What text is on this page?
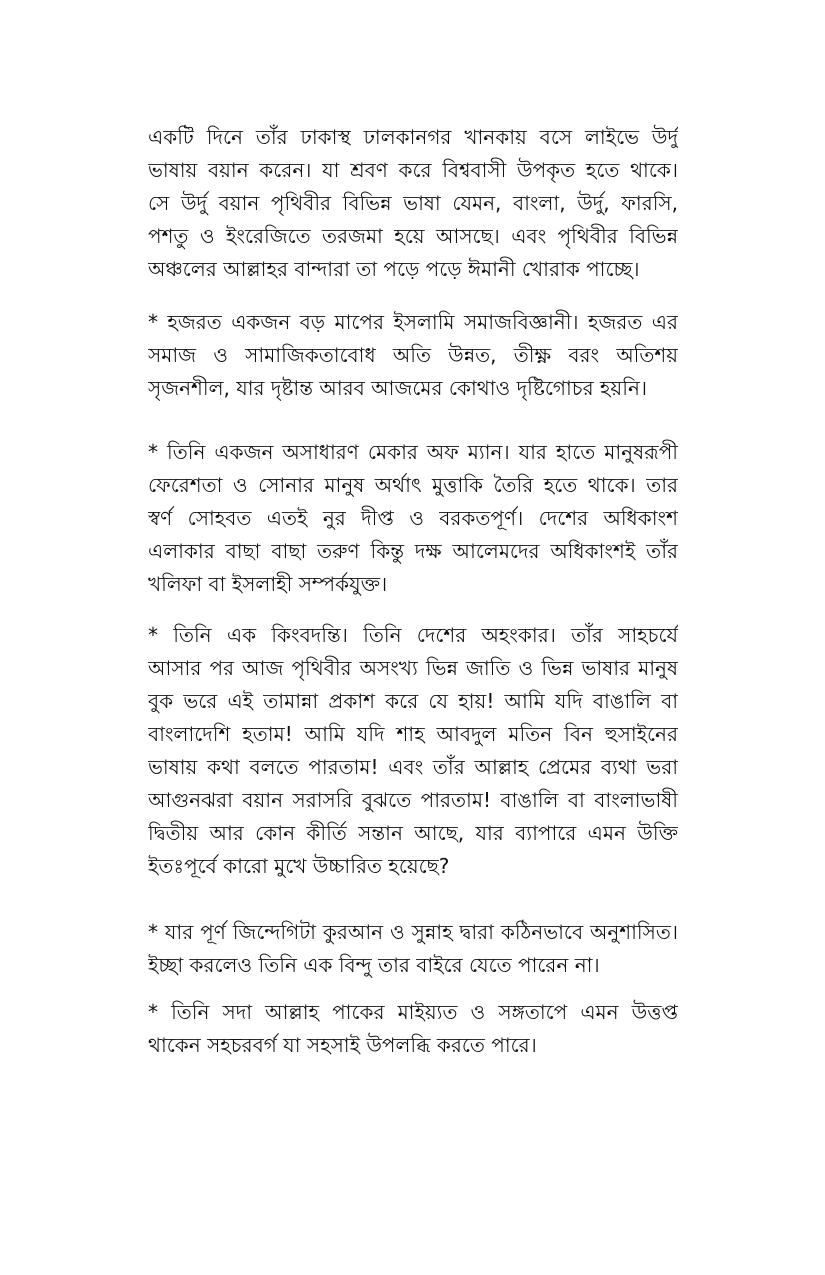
একটি দিনে তাঁর ঢাকাস্থ ঢালকানগর খানকায় বসে লাইভে উর্দু
ভাষায় বয়ান করেন। যা শ্রবণ করে বিশ্ববাসী উপকৃত হতে থাকে।
সে উর্দু বয়ান পৃথিবীর বিভিন্ন ভাষা যেমন, বাংলা, উর্দু, ফারসি,
পশতু ও ইংরেজিতে তরজমা হয়ে আসছে। এবং পৃথিবীর বিভিন্ন
অঞ্চলের আল্লাহর বান্দারা তা পড়ে পড়ে ঈমানী খোরাক পাচ্ছে।
* হজরত একজন বড় মাপের ইসলামি সমাজবিজ্ঞানী। হজরত এর
সমাজ ও সামাজিকতাবোধ অতি উন্নত, তীক্ষ্ণ বরং অতিশয়
সৃজনশীল, যার দৃষ্টান্ত আরব আজমের কোথাও দৃষ্টিগোচর হয়নি।
* তিনি একজন অসাধারণ মেকার অফ ম্যান। যার হাতে মানুষরূপী
ফেরেশতা ও সোনার মানুষ অর্থাৎ মুত্তাকি তৈরি হতে থাকে। তার
স্বর্ণ সোহবত এতই নুর দীপ্ত ও বরকতপূর্ণ। দেশের অধিকাংশ
এলাকার বাছা বাছা তরুণ কিন্তু দক্ষ আলেমদের অধিকাংশই তাঁর
খলিফা বা ইসলাহী সম্পর্কযুক্ত।
* তিনি এক কিংবদন্তি। তিনি দেশের অহংকার। তাঁর সাহচর্যে
আসার পর আজ পৃথিবীর অসংখ্য ভিন্ন জাতি ও ভিন্ন ভাষার মানুষ
বুক ভরে এই তামান্না প্রকাশ করে যে হায়! আমি যদি বাঙালি বা
বাংলাদেশি হতাম! আমি যদি শাহ আবদুল মতিন বিন হুসাইনের
ভাষায় কথা বলতে পারতাম! এবং তাঁর আল্লাহ প্রেমের ব্যথা ভরা
আগুনঝরা বয়ান সরাসরি বুঝতে পারতাম! বাঙালি বা বাংলাভাষী
দ্বিতীয় আর কোন কীর্তি সন্তান আছে, যার ব্যাপারে এমন উক্তি
ইতঃপূর্বে কারো মুখে উচ্চারিত হয়েছে?
* যার পূর্ণ জিন্দেগিটা কুরআন ও সুন্নাহ দ্বারা কঠিনভাবে অনুশাসিত।
ইচ্ছা করলেও তিনি এক বিন্দু তার বাইরে যেতে পারেন না।
* তিনি সদা আল্লাহ পাকের মাইয়্যত ও সঙ্গতাপে এমন উত্তপ্ত
থাকেন সহচরবর্গ যা সহসাই উপলব্ধি করতে পারে।
